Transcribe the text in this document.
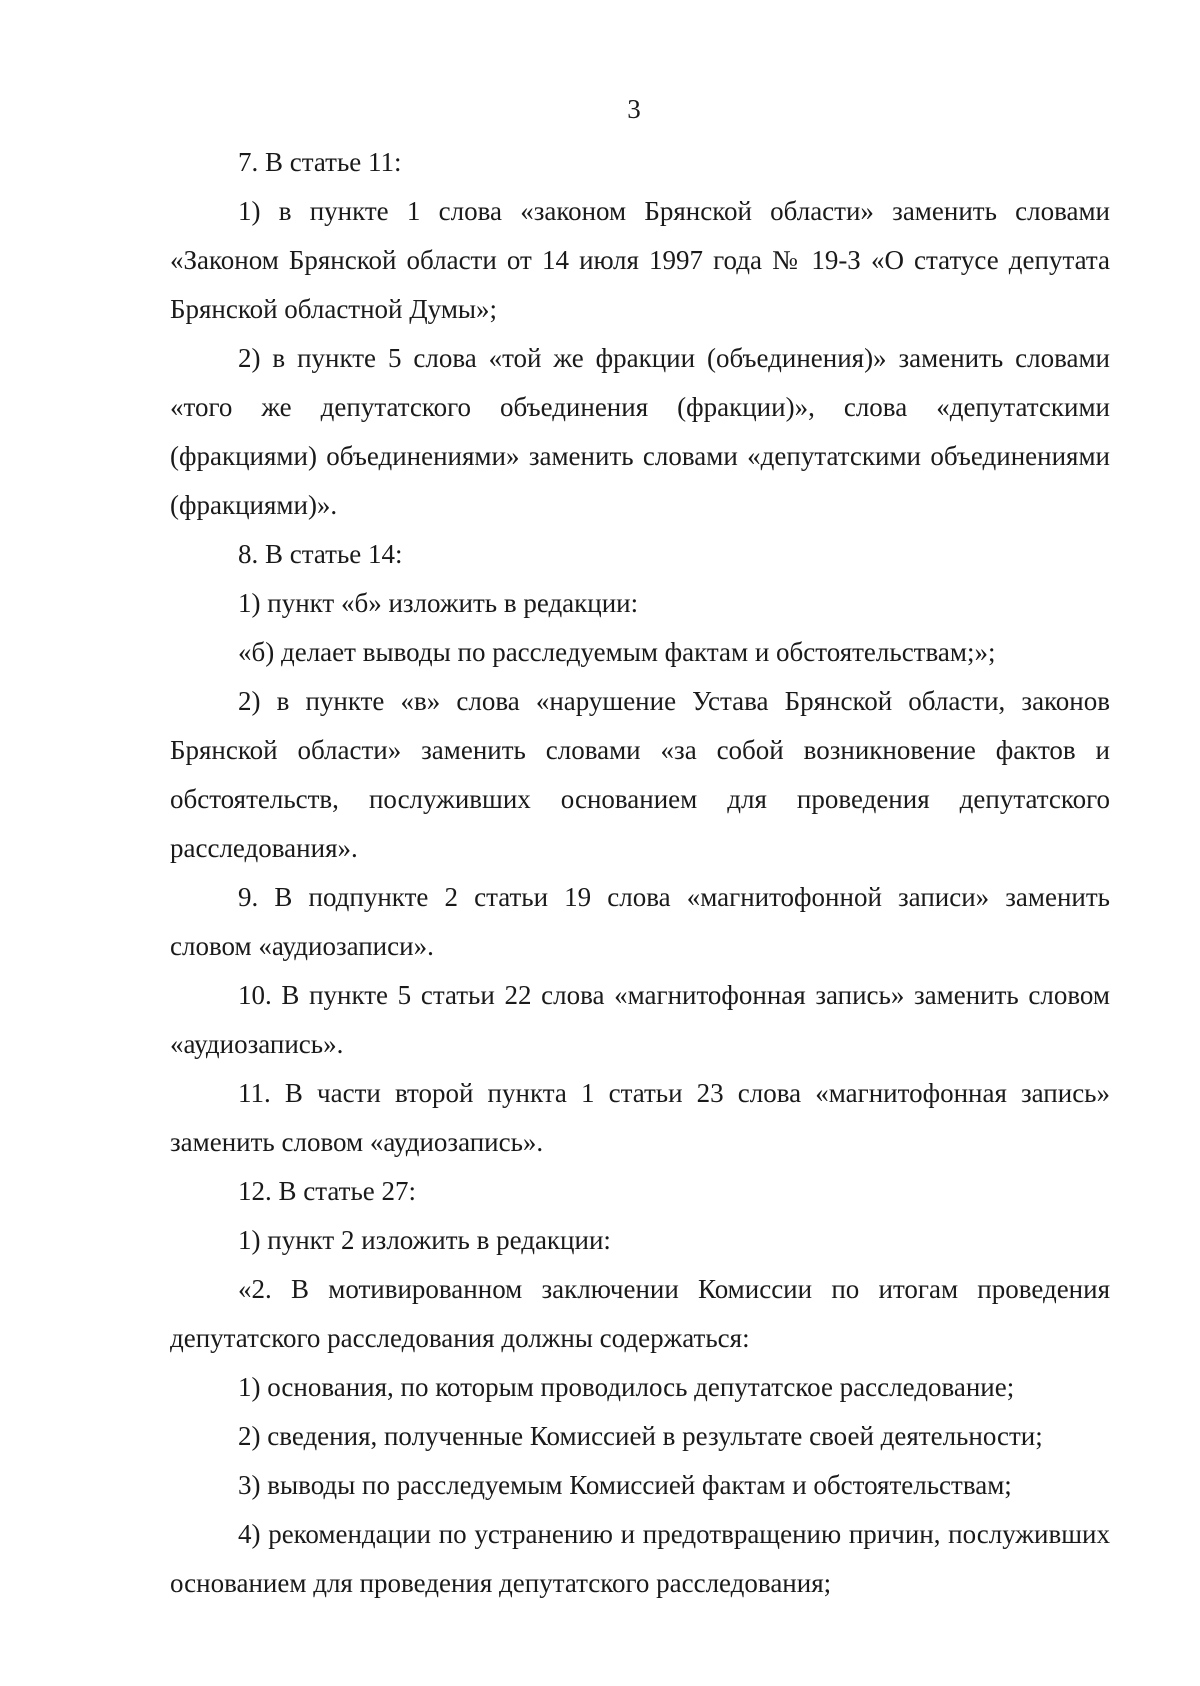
3

7. В статье 11:

1) в пункте 1 слова «законом Брянской области» заменить словами «Законом Брянской области от 14 июля 1997 года № 19-З «О статусе депутата Брянской областной Думы»;

2) в пункте 5 слова «той же фракции (объединения)» заменить словами «того же депутатского объединения (фракции)», слова «депутатскими (фракциями) объединениями» заменить словами «депутатскими объединениями (фракциями)».

8. В статье 14:

1) пункт «б» изложить в редакции:

«б) делает выводы по расследуемым фактам и обстоятельствам;»;

2) в пункте «в» слова «нарушение Устава Брянской области, законов Брянской области» заменить словами «за собой возникновение фактов и обстоятельств, послуживших основанием для проведения депутатского расследования».

9. В подпункте 2 статьи 19 слова «магнитофонной записи» заменить словом «аудиозаписи».

10. В пункте 5 статьи 22 слова «магнитофонная запись» заменить словом «аудиозапись».

11. В части второй пункта 1 статьи 23 слова «магнитофонная запись» заменить словом «аудиозапись».

12. В статье 27:

1) пункт 2 изложить в редакции:

«2. В мотивированном заключении Комиссии по итогам проведения депутатского расследования должны содержаться:

1) основания, по которым проводилось депутатское расследование;

2) сведения, полученные Комиссией в результате своей деятельности;

3) выводы по расследуемым Комиссией фактам и обстоятельствам;

4) рекомендации по устранению и предотвращению причин, послуживших основанием для проведения депутатского расследования;
